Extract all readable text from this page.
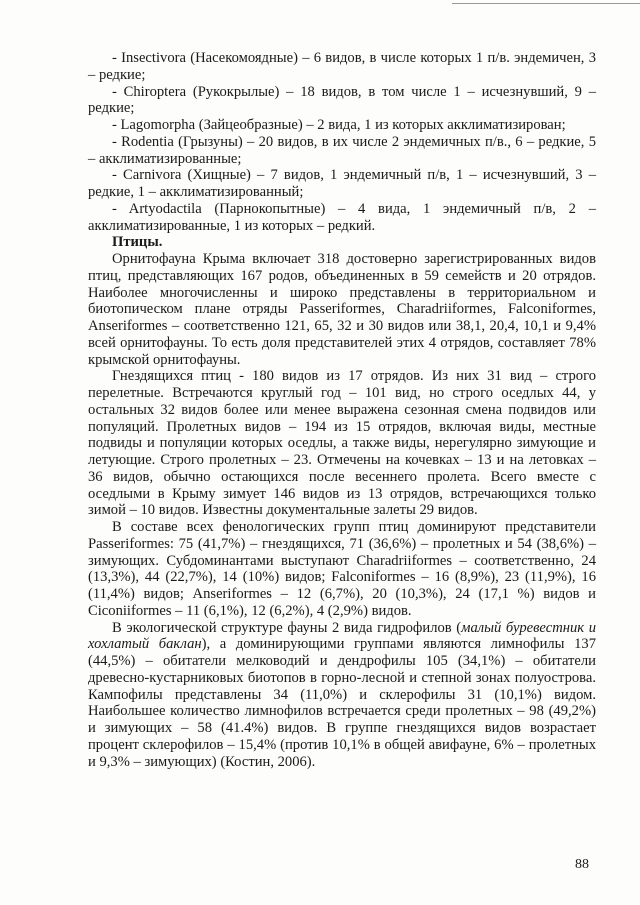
- Insectivora (Насекомоядные) – 6 видов, в числе которых 1 п/в. эндемичен, 3 – редкие;

- Chiroptera (Рукокрылые) – 18 видов, в том числе 1 – исчезнувший, 9 – редкие;

- Lagomorpha (Зайцеобразные) – 2 вида, 1 из которых акклиматизирован;

- Rodentia (Грызуны) – 20 видов, в их числе 2 эндемичных п/в., 6 – редкие, 5 – акклиматизированные;

- Carnivora (Хищные) – 7 видов, 1 эндемичный п/в, 1 – исчезнувший, 3 – редкие, 1 – акклиматизированный;

- Artyodactila (Парнокопытные) – 4 вида, 1 эндемичный п/в, 2 – акклиматизированные, 1 из которых – редкий.

Птицы.

Орнитофауна Крыма включает 318 достоверно зарегистрированных видов птиц, представляющих 167 родов, объединенных в 59 семейств и 20 отрядов. Наиболее многочисленны и широко представлены в территориальном и биотопическом плане отряды Passeriformes, Charadriiformes, Falconiformes, Anseriformes – соответственно 121, 65, 32 и 30 видов или 38,1, 20,4, 10,1 и 9,4% всей орнитофауны. То есть доля представителей этих 4 отрядов, составляет 78% крымской орнитофауны.

Гнездящихся птиц - 180 видов из 17 отрядов. Из них 31 вид – строго перелетные. Встречаются круглый год – 101 вид, но строго оседлых 44, у остальных 32 видов более или менее выражена сезонная смена подвидов или популяций. Пролетных видов – 194 из 15 отрядов, включая виды, местные подвиды и популяции которых оседлы, а также виды, нерегулярно зимующие и летующие. Строго пролетных – 23. Отмечены на кочевках – 13 и на летовках – 36 видов, обычно остающихся после весеннего пролета. Всего вместе с оседлыми в Крыму зимует 146 видов из 13 отрядов, встречающихся только зимой – 10 видов. Известны документальные залеты 29 видов.

В составе всех фенологических групп птиц доминируют представители Passeriformes: 75 (41,7%) – гнездящихся, 71 (36,6%) – пролетных и 54 (38,6%) – зимующих. Субдоминантами выступают Charadriiformes – соответственно, 24 (13,3%), 44 (22,7%), 14 (10%) видов; Falconiformes – 16 (8,9%), 23 (11,9%), 16 (11,4%) видов; Anseriformes – 12 (6,7%), 20 (10,3%), 24 (17,1 %) видов и Ciconiiformes – 11 (6,1%), 12 (6,2%), 4 (2,9%) видов.

В экологической структуре фауны 2 вида гидрофилов (малый буревестник и хохлатый баклан), а доминирующими группами являются лимнофилы 137 (44,5%) – обитатели мелководий и дендрофилы 105 (34,1%) – обитатели древесно-кустарниковых биотопов в горно-лесной и степной зонах полуострова. Кампофилы представлены 34 (11,0%) и склерофилы 31 (10,1%) видом. Наибольшее количество лимнофилов встречается среди пролетных – 98 (49,2%) и зимующих – 58 (41.4%) видов. В группе гнездящихся видов возрастает процент склерофилов – 15,4% (против 10,1% в общей авифауне, 6% – пролетных и 9,3% – зимующих) (Костин, 2006).

88
